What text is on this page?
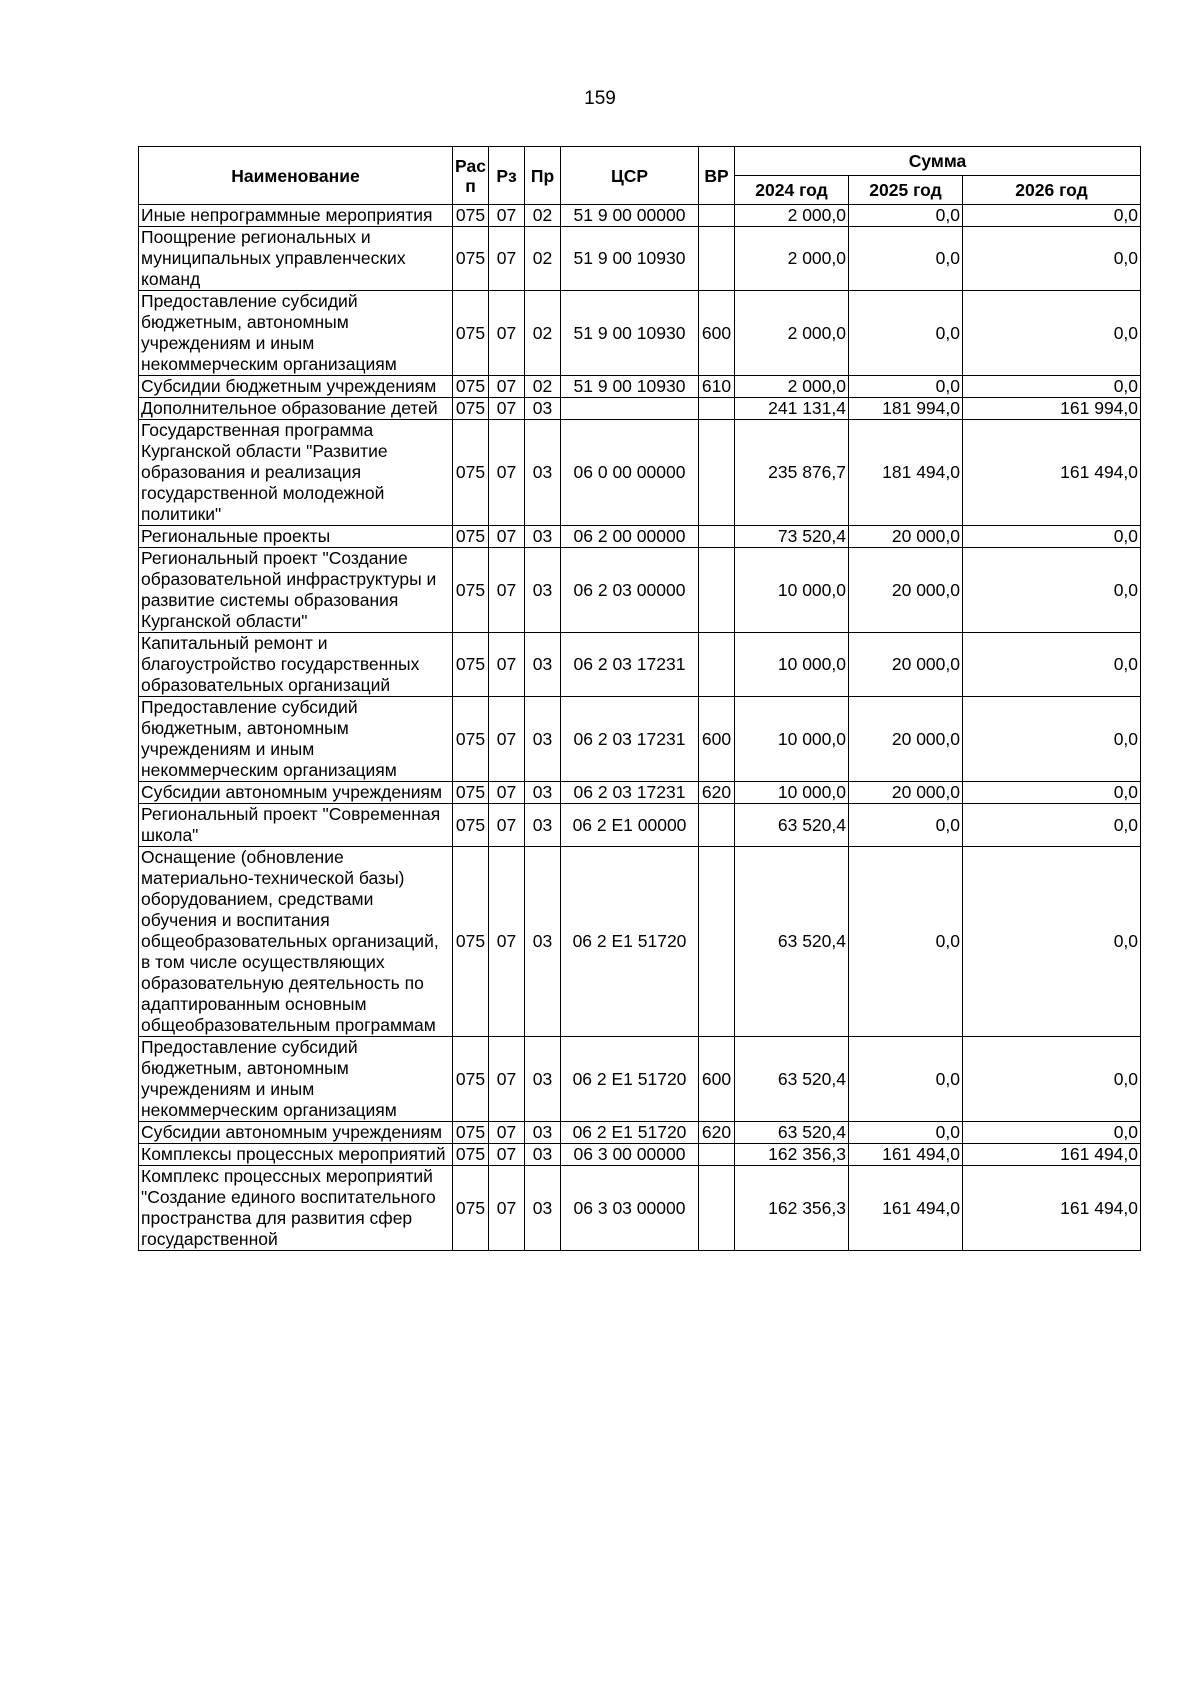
159
Наименование	Рас п	Рз	Пр	ЦСР	ВР	Сумма		
						2024 год	2025 год	2026 год
Иные непрограммные мероприятия	075	07	02	51 9 00 00000		2 000,0	0,0	0,0
Поощрение региональных и муниципальных управленческих команд	075	07	02	51 9 00 10930		2 000,0	0,0	0,0
Предоставление субсидий бюджетным, автономным учреждениям и иным некоммерческим организациям	075	07	02	51 9 00 10930	600	2 000,0	0,0	0,0
Субсидии бюджетным учреждениям	075	07	02	51 9 00 10930	610	2 000,0	0,0	0,0
Дополнительное образование детей	075	07	03			241 131,4	181 994,0	161 994,0
Государственная программа Курганской области "Развитие образования и реализация государственной молодежной политики"	075	07	03	06 0 00 00000		235 876,7	181 494,0	161 494,0
Региональные проекты	075	07	03	06 2 00 00000		73 520,4	20 000,0	0,0
Региональный проект "Создание образовательной инфраструктуры и развитие системы образования Курганской области"	075	07	03	06 2 03 00000		10 000,0	20 000,0	0,0
Капитальный ремонт и благоустройство государственных образовательных организаций	075	07	03	06 2 03 17231		10 000,0	20 000,0	0,0
Предоставление субсидий бюджетным, автономным учреждениям и иным некоммерческим организациям	075	07	03	06 2 03 17231	600	10 000,0	20 000,0	0,0
Субсидии автономным учреждениям	075	07	03	06 2 03 17231	620	10 000,0	20 000,0	0,0
Региональный проект "Современная школа"	075	07	03	06 2 E1 00000		63 520,4	0,0	0,0
Оснащение (обновление материально-технической базы) оборудованием, средствами обучения и воспитания общеобразовательных организаций, в том числе осуществляющих образовательную деятельность по адаптированным основным общеобразовательным программам	075	07	03	06 2 E1 51720		63 520,4	0,0	0,0
Предоставление субсидий бюджетным, автономным учреждениям и иным некоммерческим организациям	075	07	03	06 2 E1 51720	600	63 520,4	0,0	0,0
Субсидии автономным учреждениям	075	07	03	06 2 E1 51720	620	63 520,4	0,0	0,0
Комплексы процессных мероприятий	075	07	03	06 3 00 00000		162 356,3	161 494,0	161 494,0
Комплекс процессных мероприятий "Создание единого воспитательного пространства для развития сфер государственной	075	07	03	06 3 03 00000		162 356,3	161 494,0	161 494,0
